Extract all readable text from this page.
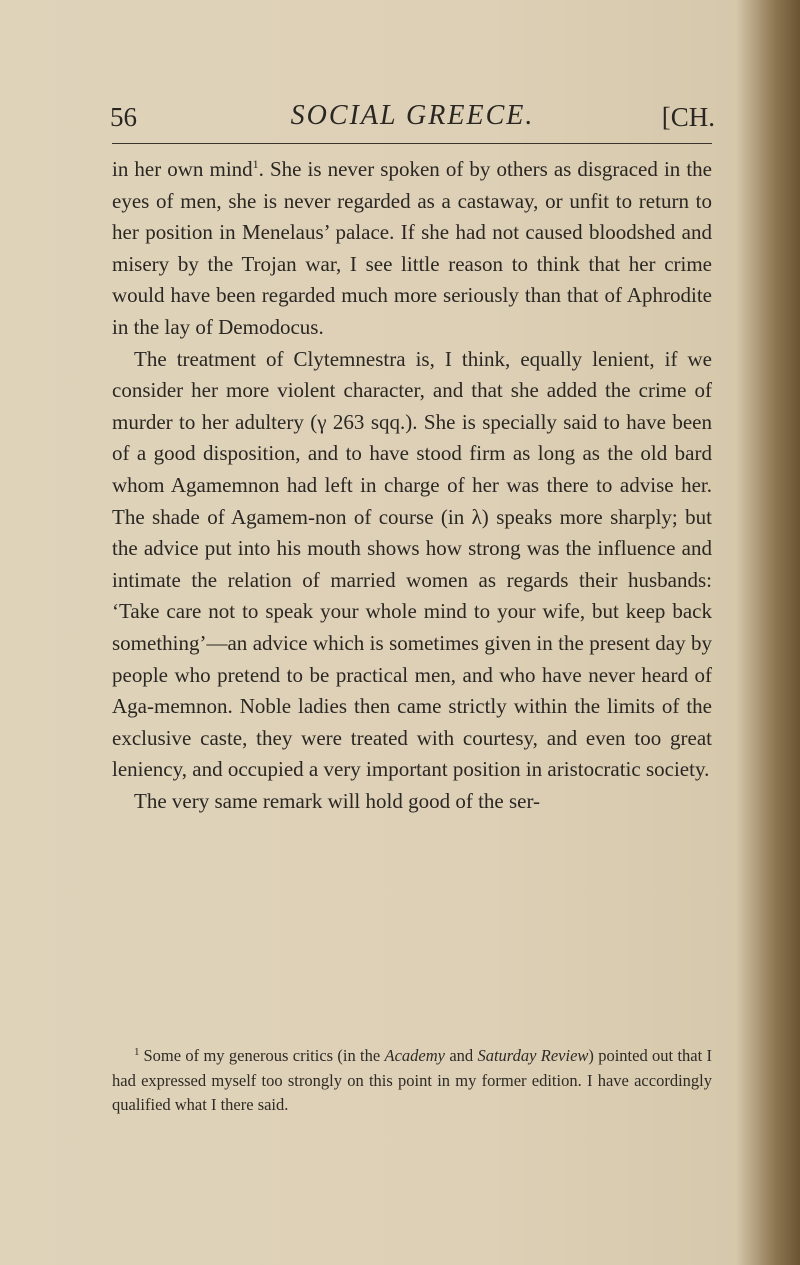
56	SOCIAL GREECE.	[CH.

in her own mind$^1$. She is never spoken of by others as disgraced in the eyes of men, she is never regarded as a castaway, or unfit to return to her position in Menelaus’ palace. If she had not caused bloodshed and misery by the Trojan war, I see little reason to think that her crime would have been regarded much more seriously than that of Aphrodite in the lay of Demodocus.

The treatment of Clytemnestra is, I think, equally lenient, if we consider her more violent character, and that she added the crime of murder to her adultery (γ 263 sqq.). She is specially said to have been of a good disposition, and to have stood firm as long as the old bard whom Agamemnon had left in charge of her was there to advise her. The shade of Agamem-non of course (in λ) speaks more sharply; but the advice put into his mouth shows how strong was the influence and intimate the relation of married women as regards their husbands: ‘Take care not to speak your whole mind to your wife, but keep back something’—an advice which is sometimes given in the present day by people who pretend to be practical men, and who have never heard of Aga-memnon. Noble ladies then came strictly within the limits of the exclusive caste, they were treated with courtesy, and even too great leniency, and occupied a very important position in aristocratic society.

The very same remark will hold good of the ser-

$^1$ Some of my generous critics (in the Academy and Saturday Review) pointed out that I had expressed myself too strongly on this point in my former edition. I have accordingly qualified what I there said.
